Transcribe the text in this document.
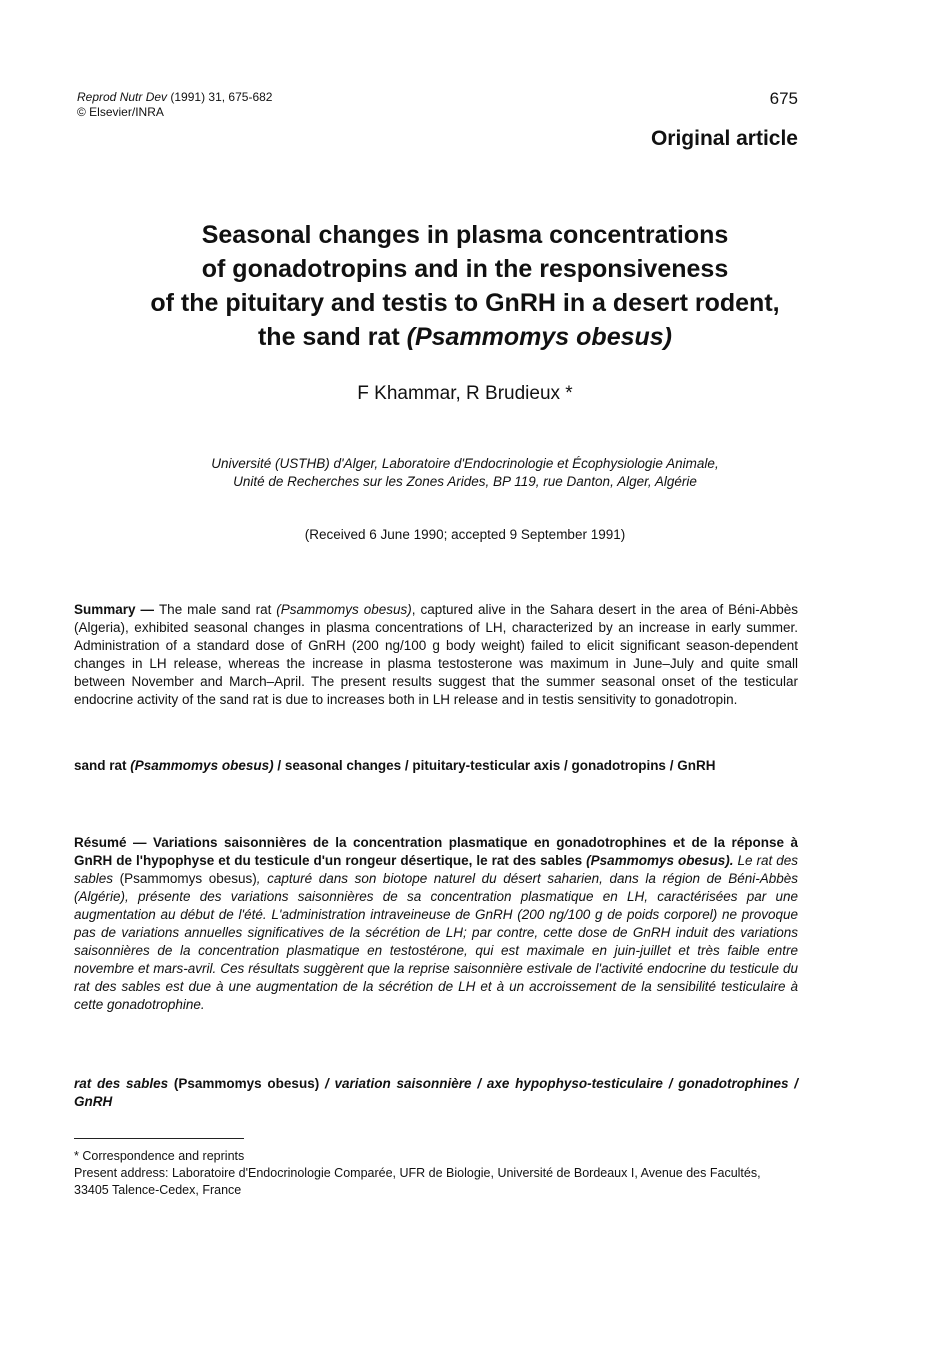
Reprod Nutr Dev (1991) 31, 675-682
© Elsevier/INRA
675
Original article
Seasonal changes in plasma concentrations
of gonadotropins and in the responsiveness
of the pituitary and testis to GnRH in a desert rodent,
the sand rat (Psammomys obesus)
F Khammar, R Brudieux *
Université (USTHB) d'Alger, Laboratoire d'Endocrinologie et Écophysiologie Animale,
Unité de Recherches sur les Zones Arides, BP 119, rue Danton, Alger, Algérie
(Received 6 June 1990; accepted 9 September 1991)
Summary — The male sand rat (Psammomys obesus), captured alive in the Sahara desert in the area of Béni-Abbès (Algeria), exhibited seasonal changes in plasma concentrations of LH, characterized by an increase in early summer. Administration of a standard dose of GnRH (200 ng/100 g body weight) failed to elicit significant season-dependent changes in LH release, whereas the increase in plasma testosterone was maximum in June–July and quite small between November and March–April. The present results suggest that the summer seasonal onset of the testicular endocrine activity of the sand rat is due to increases both in LH release and in testis sensitivity to gonadotropin.
sand rat (Psammomys obesus) / seasonal changes / pituitary-testicular axis / gonadotropins / GnRH
Résumé — Variations saisonnières de la concentration plasmatique en gonadotrophines et de la réponse à GnRH de l'hypophyse et du testicule d'un rongeur désertique, le rat des sables (Psammomys obesus). Le rat des sables (Psammomys obesus), capturé dans son biotope naturel du désert saharien, dans la région de Béni-Abbès (Algérie), présente des variations saisonnières de sa concentration plasmatique en LH, caractérisées par une augmentation au début de l'été. L'administration intraveineuse de GnRH (200 ng/100 g de poids corporel) ne provoque pas de variations annuelles significatives de la sécrétion de LH; par contre, cette dose de GnRH induit des variations saisonnières de la concentration plasmatique en testostérone, qui est maximale en juin-juillet et très faible entre novembre et mars-avril. Ces résultats suggèrent que la reprise saisonnière estivale de l'activité endocrine du testicule du rat des sables est due à une augmentation de la sécrétion de LH et à un accroissement de la sensibilité testiculaire à cette gonadotrophine.
rat des sables (Psammomys obesus) / variation saisonnière / axe hypophyso-testiculaire / gonadotrophines / GnRH
* Correspondence and reprints
Present address: Laboratoire d'Endocrinologie Comparée, UFR de Biologie, Université de Bordeaux I, Avenue des Facultés, 33405 Talence-Cedex, France
